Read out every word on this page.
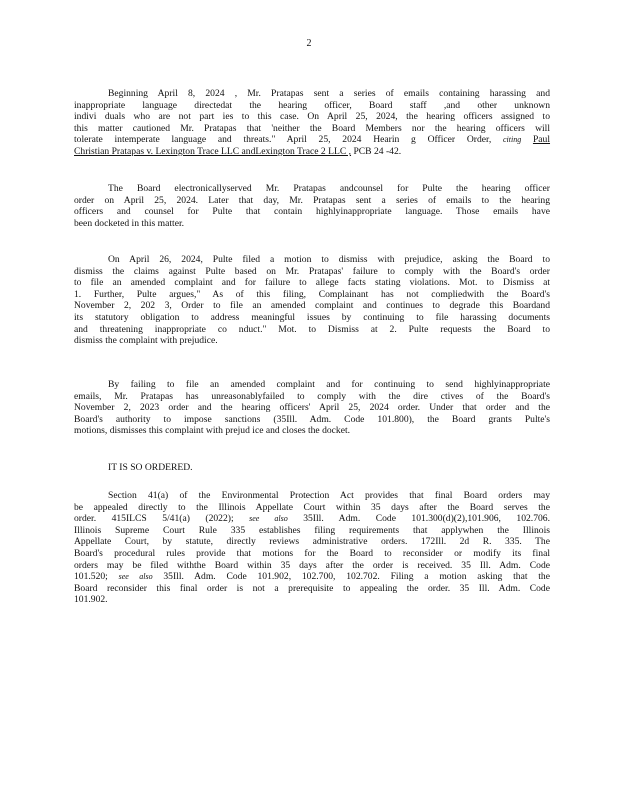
2
Beginning April 8, 2024 , Mr. Pratapas sent a series of emails containing harassing and
inappropriate language directedat the hearing officer, Board staff ,and other unknown
indivi duals who are not part ies to this case. On April 25, 2024, the hearing officers assigned to
this matter cautioned Mr. Pratapas that 'neither the Board Members nor the hearing officers will
tolerate intemperate language and threats." April 25, 2024 Hearin g Officer Order, citing Paul
Christian Pratapas v. Lexington Trace LLC andLexington Trace 2 LLC , PCB 24 -42.
The Board electronicallyserved Mr. Pratapas andcounsel for Pulte the hearing officer
order on April 25, 2024. Later that day, Mr. Pratapas sent a series of emails to the hearing
officers and counsel for Pulte that contain highlyinappropriate language. Those emails have
been docketed in this matter.
On April 26, 2024, Pulte filed a motion to dismiss with prejudice, asking the Board to
dismiss the claims against Pulte based on Mr. Pratapas' failure to comply with the Board's order
to file an amended complaint and for failure to allege facts stating violations. Mot. to Dismiss at
1. Further, Pulte argues," As of this filing, Complainant has not compliedwith the Board's
November 2, 202 3, Order to file an amended complaint and continues to degrade this Boardand
its statutory obligation to address meaningful issues by continuing to file harassing documents
and threatening inappropriate co nduct." Mot. to Dismiss at 2. Pulte requests the Board to
dismiss the complaint with prejudice.
By failing to file an amended complaint and for continuing to send highlyinappropriate
emails, Mr. Pratapas has unreasonablyfailed to comply with the dire ctives of the Board's
November 2, 2023 order and the hearing officers' April 25, 2024 order. Under that order and the
Board's authority to impose sanctions (35Ill. Adm. Code 101.800), the Board grants Pulte's
motions, dismisses this complaint with prejud ice and closes the docket.
IT IS SO ORDERED.
Section 41(a) of the Environmental Protection Act provides that final Board orders may
be appealed directly to the Illinois Appellate Court within 35 days after the Board serves the
order. 415ILCS 5/41(a) (2022); see also 35Ill. Adm. Code 101.300(d)(2),101.906, 102.706.
Illinois Supreme Court Rule 335 establishes filing requirements that applywhen the Illinois
Appellate Court, by statute, directly reviews administrative orders. 172Ill. 2d R. 335. The
Board's procedural rules provide that motions for the Board to reconsider or modify its final
orders may be filed withthe Board within 35 days after the order is received. 35 Ill. Adm. Code
101.520; see also 35Ill. Adm. Code 101.902, 102.700, 102.702. Filing a motion asking that the
Board reconsider this final order is not a prerequisite to appealing the order. 35 Ill. Adm. Code
101.902.
